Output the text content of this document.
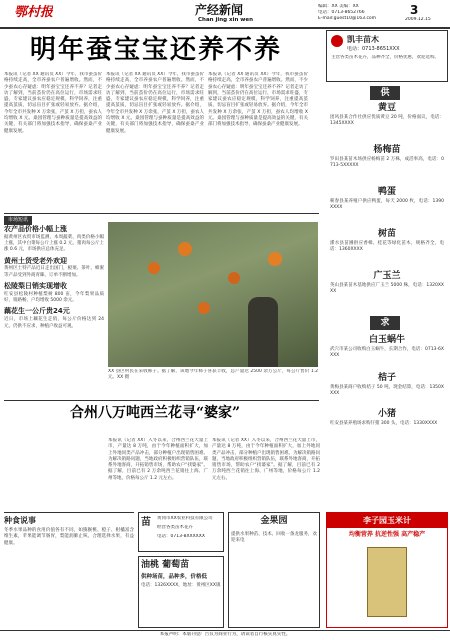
鄂村报	产经新闻
Chan jing xin wen
编辑：XX 美编：XX
电话：0713-8652766
E-mail:guest10@163.com
3
2009.12.15
明年蚕宝宝还养不养
本报讯（记者 XX 通讯员 XX）今年，我市蚕茧价格持续走高，全市养蚕农户普遍增收。然而，不少蚕农心存疑虑：明年蚕宝宝还养不养？记者走访了解到，当前茧价仍在高位运行，市场需求旺盛，专家建议蚕农应稳定规模，科学饲养，注重提高茧质，切忌盲目扩张或轻易放弃。据介绍，今年全市共发种 X 万余张，产茧 X 万担，蚕农人均增收 X 元。桑园管理与蚕种质量是提高效益的关键，有关部门将加强技术指导，确保蚕桑产业健康发展。
本报讯（记者 XX 通讯员 XX）今年，我市蚕茧价格持续走高，全市养蚕农户普遍增收。然而，不少蚕农心存疑虑：明年蚕宝宝还养不养？记者走访了解到，当前茧价仍在高位运行，市场需求旺盛，专家建议蚕农应稳定规模，科学饲养，注重提高茧质，切忌盲目扩张或轻易放弃。据介绍，今年全市共发种 X 万余张，产茧 X 万担，蚕农人均增收 X 元。桑园管理与蚕种质量是提高效益的关键，有关部门将加强技术指导，确保蚕桑产业健康发展。
本报讯（记者 XX 通讯员 XX）今年，我市蚕茧价格持续走高，全市养蚕农户普遍增收。然而，不少蚕农心存疑虑：明年蚕宝宝还养不养？记者走访了解到，当前茧价仍在高位运行，市场需求旺盛，专家建议蚕农应稳定规模，科学饲养，注重提高茧质，切忌盲目扩张或轻易放弃。据介绍，今年全市共发种 X 万余张，产茧 X 万担，蚕农人均增收 X 元。桑园管理与蚕种质量是提高效益的关键，有关部门将加强技术指导，确保蚕桑产业健康发展。
凯丰苗木
电话：0713-8651XXX
主营各类苗木花卉，品种齐全，价格优惠，欢迎选购。
供
黄豆
团风县某合作社供应优质黄豆 20 吨，价格面议，电话：1345XXXX
杨梅苗
罗田县某苗木场供应杨梅苗 2 万株，成活率高，电话：0713-5XXXXX
鸭蛋
蕲春县某养殖户供应鸭蛋，每天 2000 枚，电话：1390XXXX
树苗
浠水县苗圃供应香樟、桂花等绿化苗木，规格齐全，电话：1360XXXX
广玉兰
英山县某苗木基地供应广玉兰 5000 株，电话：1320XXXX
求
白玉蜗牛
武穴市某公司收购白玉蜗牛，长期合作，电话：0713-6XXXX
桔子
黄梅县某商户收购桔子 50 吨，现金结算，电话：1350XXXX
小猪
红安县某养殖场求购仔猪 300 头，电话：1330XXXX
市场短讯
农产品价格小幅上涨
据黄州区农贸市场监测，本周蔬菜、肉类价格小幅上涨，其中白菜每公斤上涨 0.2 元，猪肉每公斤上涨 0.6 元，市场供应总体充足。
黄州土货受老外欢迎
黄州区土特产品近日走出国门，板栗、茶叶、蜂蜜等产品受到外商青睐，订单不断增加。
松陵梨日销实现增收
红安县松陵村种植梨树 800 亩，今年梨果品质好，销路畅，户均增收 5000 余元。
藕花生一公斤贵24元
近日，市场上藕花生走俏，每公斤价格达到 24 元，仍供不应求，种植户收益可观。
XX 县区村民在采收柿子。据了解，该地今年柿子喜获丰收，总产量达 2500 余万公斤，每公斤售价 1.2 元。XX 摄
合州八万吨西兰花寻“婆家”
本报讯（记者 XX）入冬以来，合州西兰花大量上市，产量达 8 万吨，由于今年种植面积扩大，加上外地同类产品冲击，部分种植户出现销售困难。为解决销路问题，当地政府积极组织营销队伍，联系外地客商，开拓销售市场，帮助农户“找婆家”。据了解，目前已有 2 万余吨西兰花销往上海、广州等地，价格每公斤 1.2 元左右。
本报讯（记者 XX）入冬以来，合州西兰花大量上市，产量达 8 万吨，由于今年种植面积扩大，加上外地同类产品冲击，部分种植户出现销售困难。为解决销路问题，当地政府积极组织营销队伍，联系外地客商，开拓销售市场，帮助农户“找婆家”。据了解，目前已有 2 万余吨西兰花销往上海、广州等地，价格每公斤 1.2 元左右。
种食说事
冬季水果品种的食用价值各有不同，如猕猴桃、橙子、柑橘富含维生素，苹果能调节肠胃，梨能润肺止咳。合理选择水果，有益健康。
苗 黄冈市XX农业科技有限公司
经营各类苗木花卉
电话：0713-8XXXXXX
油桃 葡萄苗
供种场苗，品种多，价格低
电话：1326XXXX，地址：黄州区XX镇
金果园
提供水果种苗、技术、回收一条龙服务，欢迎来电
李子园玉米计
均衡营养 抗逆性强 高产稳产
本报声明：本版刊登广告仅为商业行为，请读者自行核实真实性。
